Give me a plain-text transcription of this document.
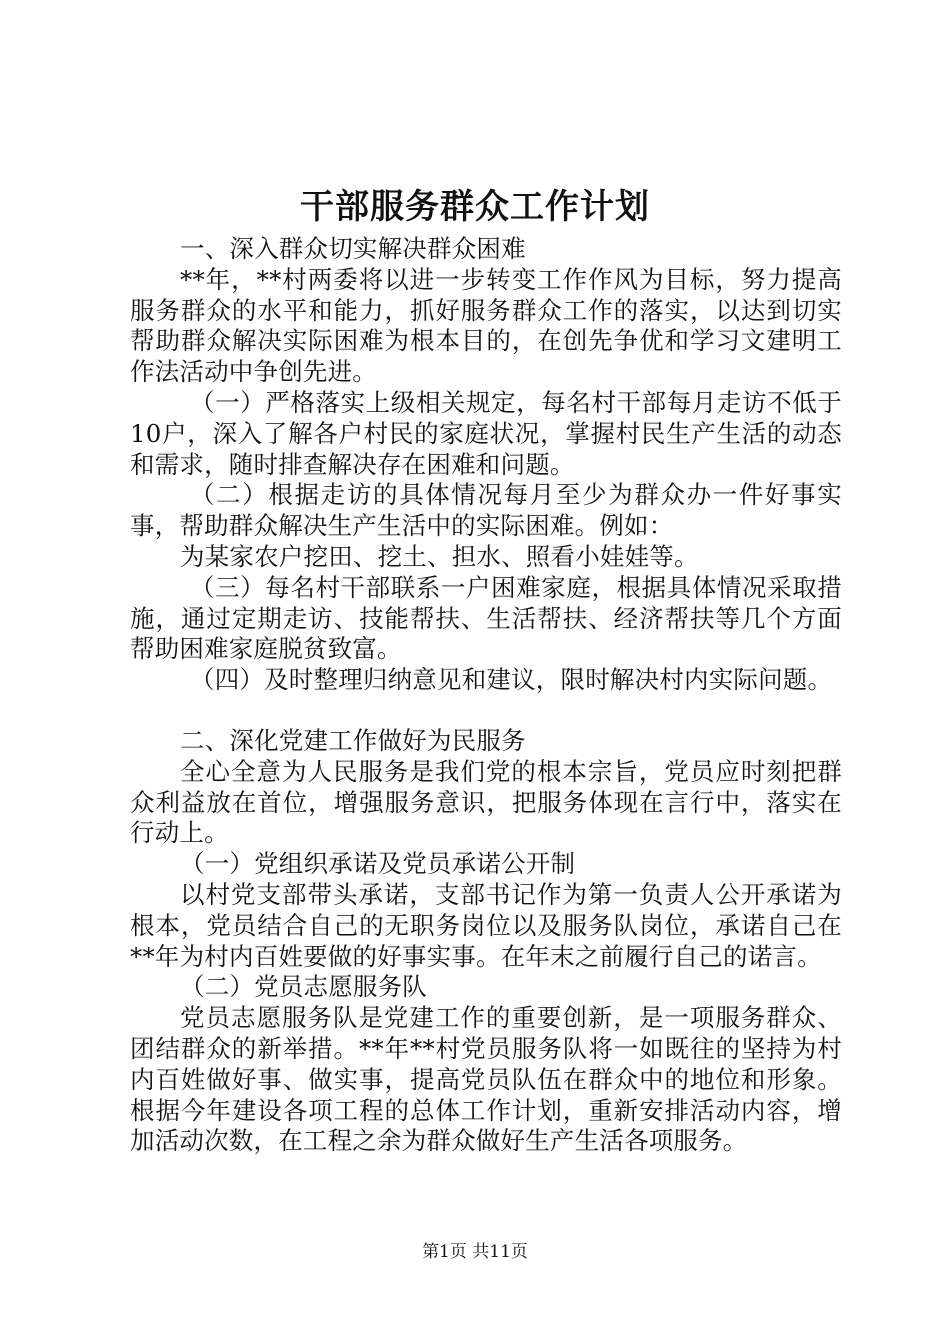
干部服务群众工作计划

一、深入群众切实解决群众困难

**年，**村两委将以进一步转变工作作风为目标，努力提高服务群众的水平和能力，抓好服务群众工作的落实，以达到切实帮助群众解决实际困难为根本目的，在创先争优和学习文建明工作法活动中争创先进。

（一）严格落实上级相关规定，每名村干部每月走访不低于10户，深入了解各户村民的家庭状况，掌握村民生产生活的动态和需求，随时排查解决存在困难和问题。

（二）根据走访的具体情况每月至少为群众办一件好事实事，帮助群众解决生产生活中的实际困难。例如：

为某家农户挖田、挖土、担水、照看小娃娃等。

（三）每名村干部联系一户困难家庭，根据具体情况采取措施，通过定期走访、技能帮扶、生活帮扶、经济帮扶等几个方面帮助困难家庭脱贫致富。

（四）及时整理归纳意见和建议，限时解决村内实际问题。

二、深化党建工作做好为民服务

全心全意为人民服务是我们党的根本宗旨，党员应时刻把群众利益放在首位，增强服务意识，把服务体现在言行中，落实在行动上。

（一）党组织承诺及党员承诺公开制

以村党支部带头承诺，支部书记作为第一负责人公开承诺为根本，党员结合自己的无职务岗位以及服务队岗位，承诺自己在**年为村内百姓要做的好事实事。在年末之前履行自己的诺言。

（二）党员志愿服务队

党员志愿服务队是党建工作的重要创新，是一项服务群众、团结群众的新举措。**年**村党员服务队将一如既往的坚持为村内百姓做好事、做实事，提高党员队伍在群众中的地位和形象。根据今年建设各项工程的总体工作计划，重新安排活动内容，增加活动次数，在工程之余为群众做好生产生活各项服务。

第1页 共11页
